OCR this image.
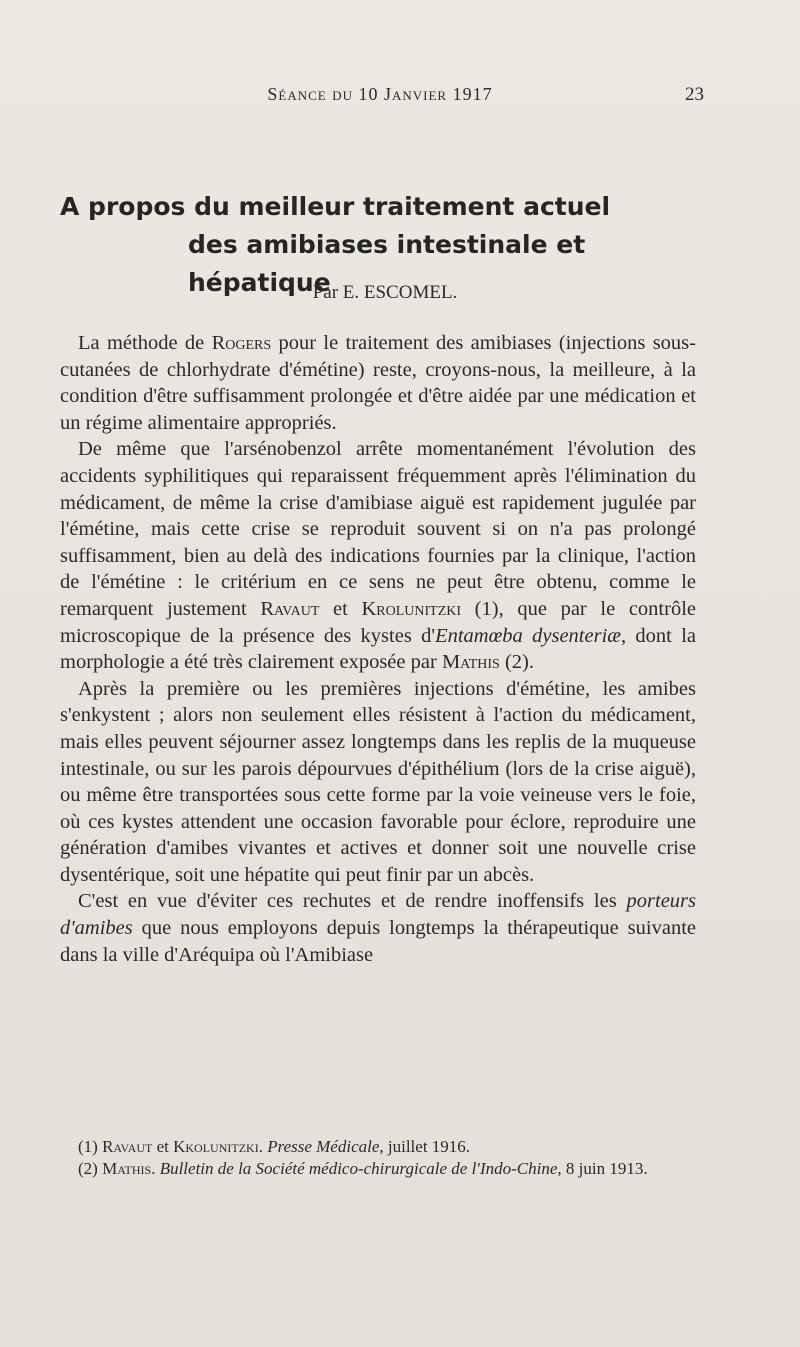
Séance du 10 Janvier 1917	23
A propos du meilleur traitement actuel
des amibiases intestinale et hépatique
Par E. ESCOMEL.

La méthode de Rogers pour le traitement des amibiases (injections sous-cutanées de chlorhydrate d'émétine) reste, croyons-nous, la meilleure, à la condition d'être suffisamment prolongée et d'être aidée par une médication et un régime alimentaire appropriés.

De même que l'arsénobenzol arrête momentanément l'évolution des accidents syphilitiques qui reparaissent fréquemment après l'élimination du médicament, de même la crise d'amibiase aiguë est rapidement jugulée par l'émétine, mais cette crise se reproduit souvent si on n'a pas prolongé suffisamment, bien au delà des indications fournies par la clinique, l'action de l'émétine : le critérium en ce sens ne peut être obtenu, comme le remarquent justement Ravaut et Krolunitzki (1), que par le contrôle microscopique de la présence des kystes d'Entamœba dysenteriæ, dont la morphologie a été très clairement exposée par Mathis (2).

Après la première ou les premières injections d'émétine, les amibes s'enkystent ; alors non seulement elles résistent à l'action du médicament, mais elles peuvent séjourner assez longtemps dans les replis de la muqueuse intestinale, ou sur les parois dépourvues d'épithélium (lors de la crise aiguë), ou même être transportées sous cette forme par la voie veineuse vers le foie, où ces kystes attendent une occasion favorable pour éclore, reproduire une génération d'amibes vivantes et actives et donner soit une nouvelle crise dysentérique, soit une hépatite qui peut finir par un abcès.

C'est en vue d'éviter ces rechutes et de rendre inoffensifs les porteurs d'amibes que nous employons depuis longtemps la thérapeutique suivante dans la ville d'Aréquipa où l'Amibiase

(1) Ravaut et Kkolunitzki. Presse Médicale, juillet 1916.

(2) Mathis. Bulletin de la Société médico-chirurgicale de l'Indo-Chine, 8 juin 1913.
